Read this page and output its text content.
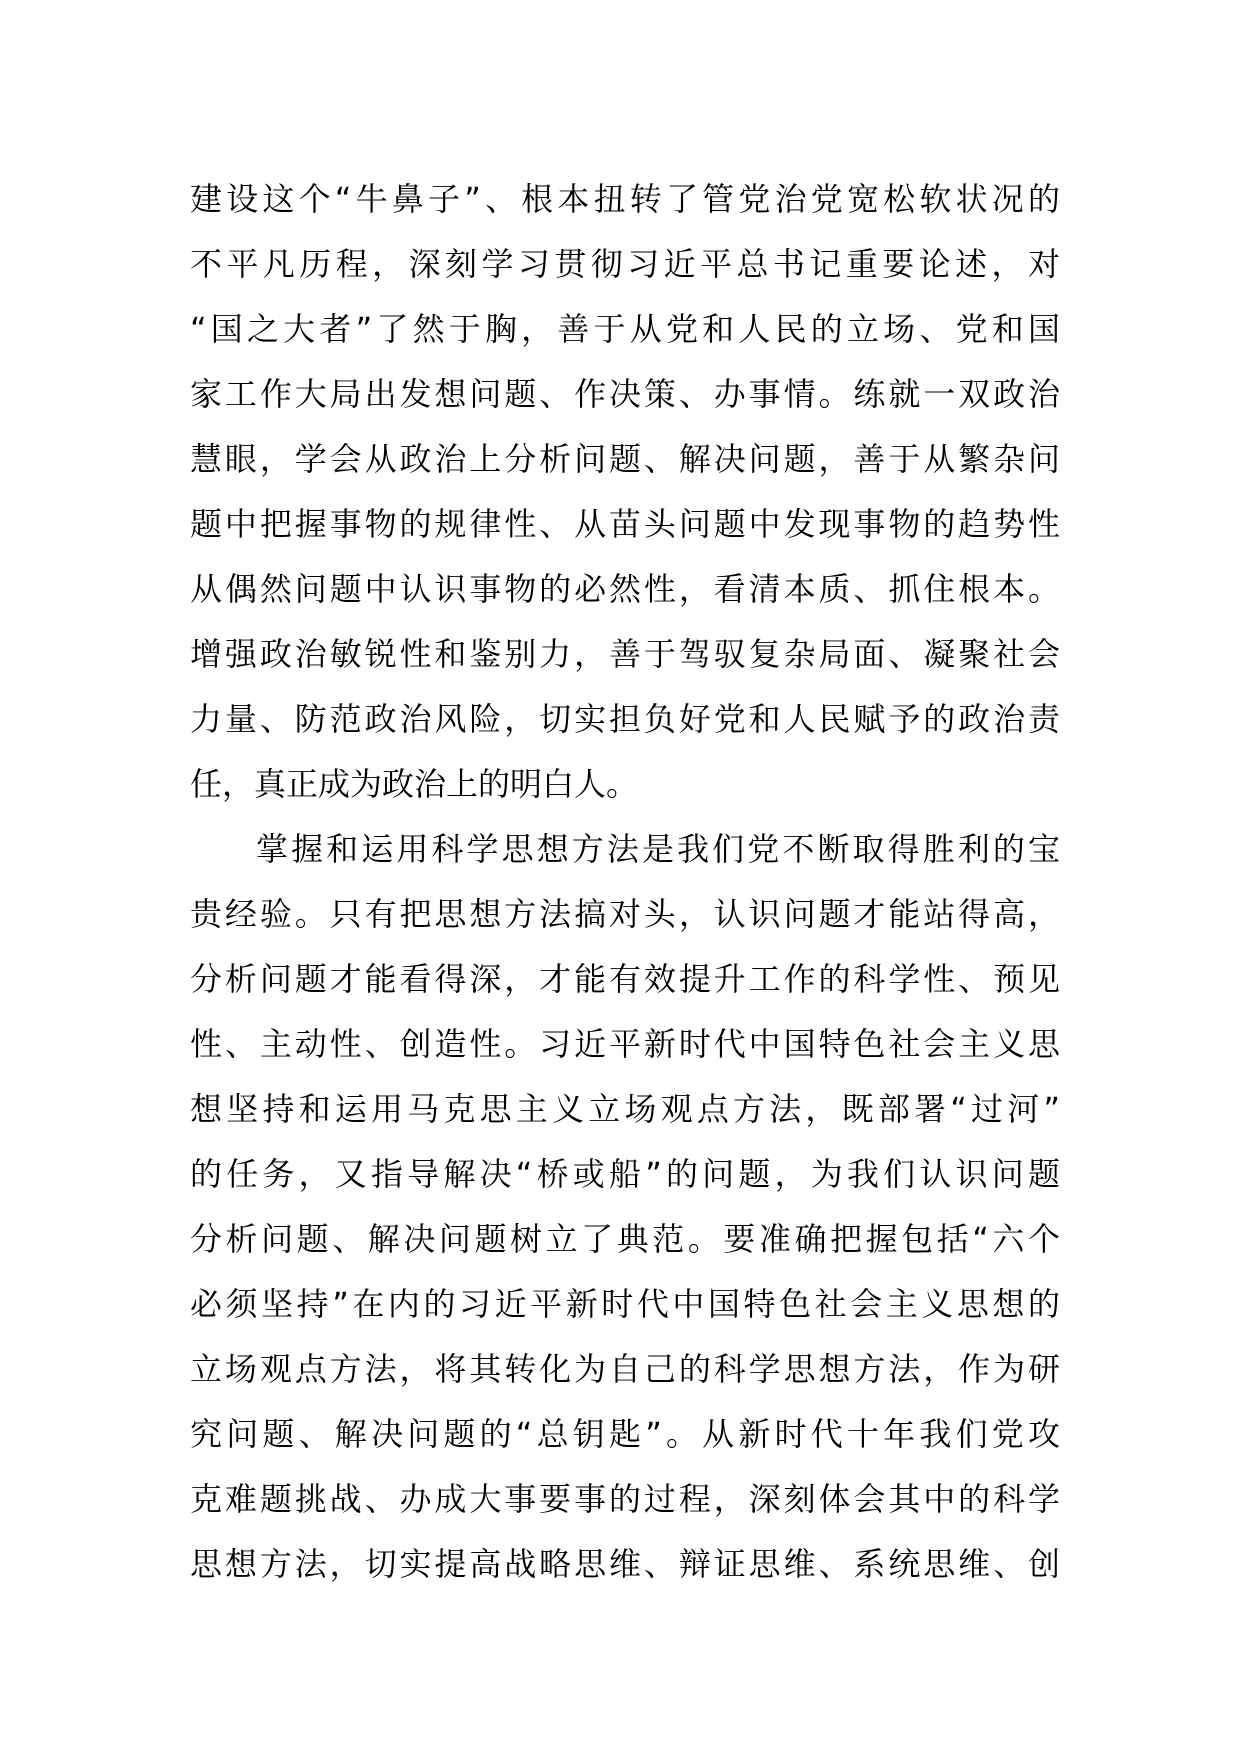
建设这个“牛鼻子”、根本扭转了管党治党宽松软状况的
不平凡历程，深刻学习贯彻习近平总书记重要论述，对
“国之大者”了然于胸，善于从党和人民的立场、党和国
家工作大局出发想问题、作决策、办事情。练就一双政治
慧眼，学会从政治上分析问题、解决问题，善于从繁杂问
题中把握事物的规律性、从苗头问题中发现事物的趋势性
从偶然问题中认识事物的必然性，看清本质、抓住根本。
增强政治敏锐性和鉴别力，善于驾驭复杂局面、凝聚社会
力量、防范政治风险，切实担负好党和人民赋予的政治责
任，真正成为政治上的明白人。
掌握和运用科学思想方法是我们党不断取得胜利的宝
贵经验。只有把思想方法搞对头，认识问题才能站得高，
分析问题才能看得深，才能有效提升工作的科学性、预见
性、主动性、创造性。习近平新时代中国特色社会主义思
想坚持和运用马克思主义立场观点方法，既部署“过河”
的任务，又指导解决“桥或船”的问题，为我们认识问题
分析问题、解决问题树立了典范。要准确把握包括“六个
必须坚持”在内的习近平新时代中国特色社会主义思想的
立场观点方法，将其转化为自己的科学思想方法，作为研
究问题、解决问题的“总钥匙”。从新时代十年我们党攻
克难题挑战、办成大事要事的过程，深刻体会其中的科学
思想方法，切实提高战略思维、辩证思维、系统思维、创
